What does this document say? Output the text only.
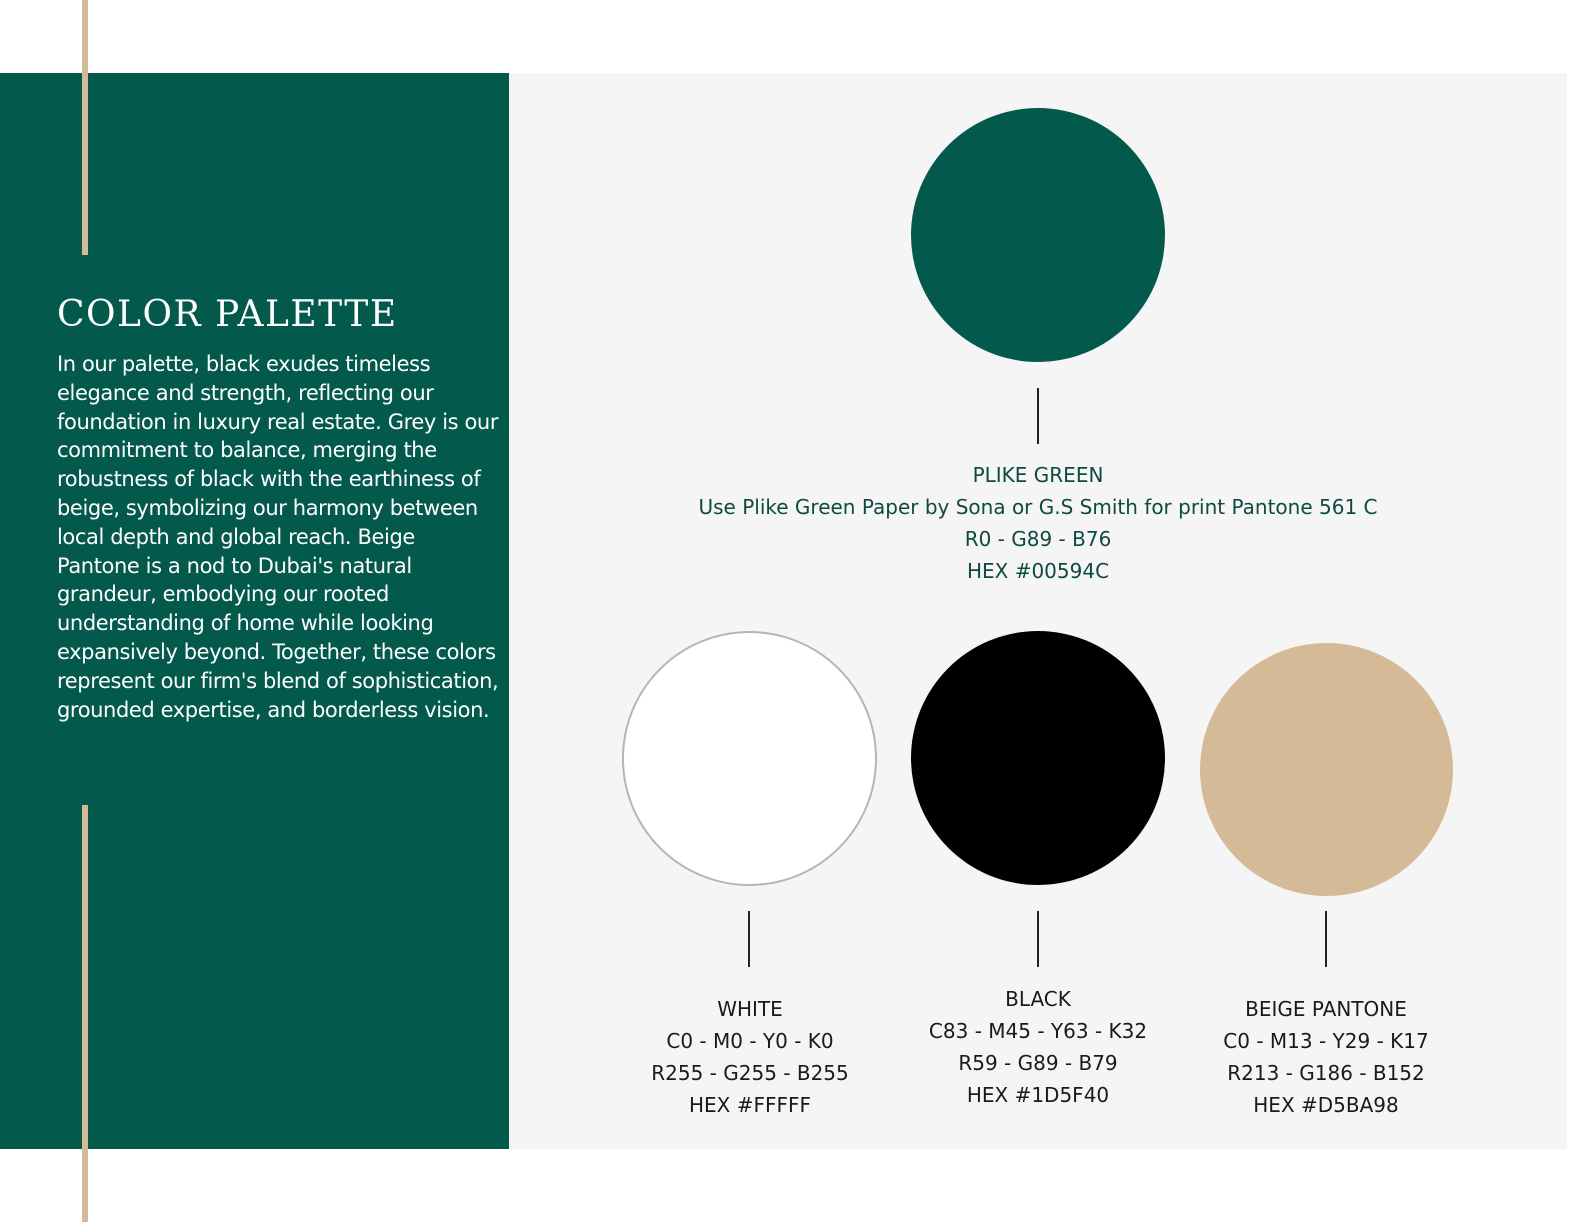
COLOR PALETTE

In our palette, black exudes timeless elegance and strength, reflecting our foundation in luxury real estate. Grey is our commitment to balance, merging the robustness of black with the earthiness of beige, symbolizing our harmony between local depth and global reach. Beige Pantone is a nod to Dubai's natural grandeur, embodying our rooted understanding of home while looking expansively beyond. Together, these colors represent our firm's blend of sophistication, grounded expertise, and borderless vision.

PLIKE GREEN
Use Plike Green Paper by Sona or G.S Smith for print Pantone 561 C
R0 - G89 - B76
HEX #00594C
WHITE
C0 - M0 - Y0 - K0
R255 - G255 - B255
HEX #FFFFF
BLACK
C83 - M45 - Y63 - K32
R59 - G89 - B79
HEX #1D5F40
BEIGE PANTONE
C0 - M13 - Y29 - K17
R213 - G186 - B152
HEX #D5BA98
